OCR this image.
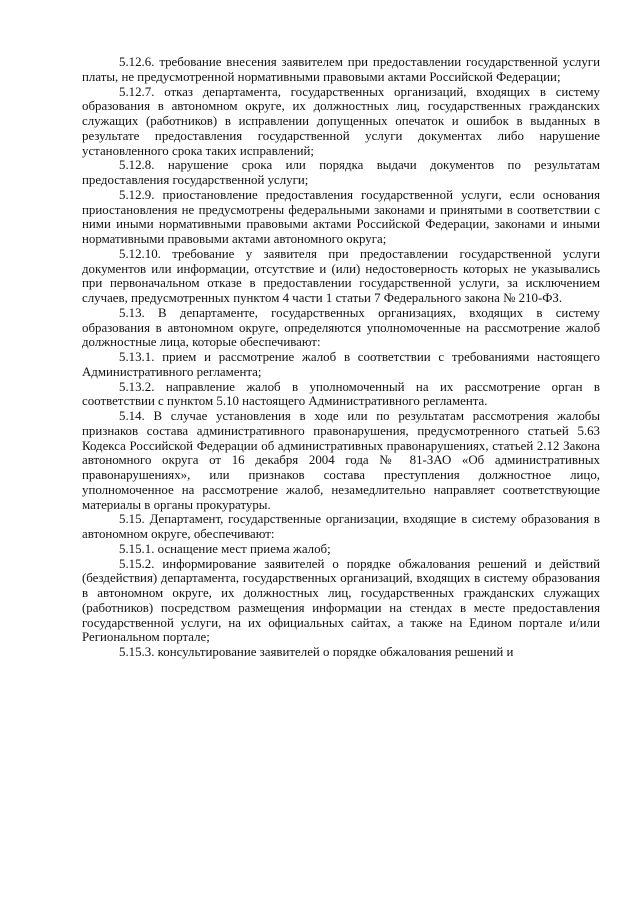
5.12.6. требование внесения заявителем при предоставлении государственной услуги платы, не предусмотренной нормативными правовыми актами Российской Федерации;

5.12.7. отказ департамента, государственных организаций, входящих в систему образования в автономном округе, их должностных лиц, государственных гражданских служащих (работников) в исправлении допущенных опечаток и ошибок в выданных в результате предоставления государственной услуги документах либо нарушение установленного срока таких исправлений;

5.12.8. нарушение срока или порядка выдачи документов по результатам предоставления государственной услуги;

5.12.9. приостановление предоставления государственной услуги, если основания приостановления не предусмотрены федеральными законами и принятыми в соответствии с ними иными нормативными правовыми актами Российской Федерации, законами и иными нормативными правовыми актами автономного округа;

5.12.10. требование у заявителя при предоставлении государственной услуги документов или информации, отсутствие и (или) недостоверность которых не указывались при первоначальном отказе в предоставлении государственной услуги, за исключением случаев, предусмотренных пунктом 4 части 1 статьи 7 Федерального закона № 210-ФЗ.

5.13. В департаменте, государственных организациях, входящих в систему образования в автономном округе, определяются уполномоченные на рассмотрение жалоб должностные лица, которые обеспечивают:

5.13.1. прием и рассмотрение жалоб в соответствии с требованиями настоящего Административного регламента;

5.13.2. направление жалоб в уполномоченный на их рассмотрение орган в соответствии с пунктом 5.10 настоящего Административного регламента.

5.14. В случае установления в ходе или по результатам рассмотрения жалобы признаков состава административного правонарушения, предусмотренного статьей 5.63 Кодекса Российской Федерации об административных правонарушениях, статьей 2.12 Закона автономного округа от 16 декабря 2004 года № 81-ЗАО «Об административных правонарушениях», или признаков состава преступления должностное лицо, уполномоченное на рассмотрение жалоб, незамедлительно направляет соответствующие материалы в органы прокуратуры.

5.15. Департамент, государственные организации, входящие в систему образования в автономном округе, обеспечивают:

5.15.1. оснащение мест приема жалоб;

5.15.2. информирование заявителей о порядке обжалования решений и действий (бездействия) департамента, государственных организаций, входящих в систему образования в автономном округе, их должностных лиц, государственных гражданских служащих (работников) посредством размещения информации на стендах в месте предоставления государственной услуги, на их официальных сайтах, а также на Едином портале и/или Региональном портале;

5.15.3. консультирование заявителей о порядке обжалования решений и
